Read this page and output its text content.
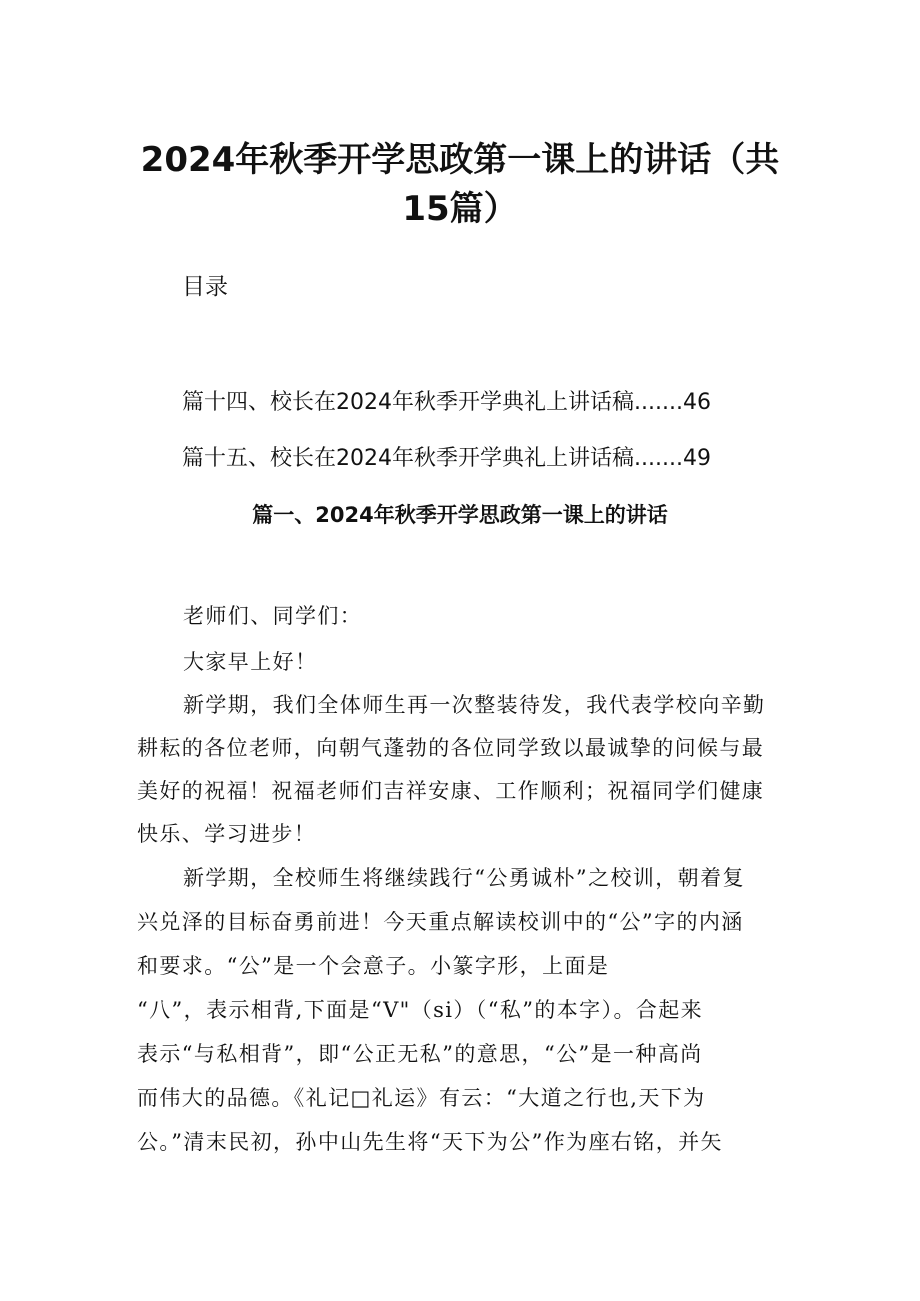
2024年秋季开学思政第一课上的讲话（共
15篇）
目录
篇十四、校长在2024年秋季开学典礼上讲话稿.......46
篇十五、校长在2024年秋季开学典礼上讲话稿.......49
篇一、2024年秋季开学思政第一课上的讲话
老师们、同学们：
大家早上好！
新学期，我们全体师生再一次整装待发，我代表学校向辛勤
耕耘的各位老师，向朝气蓬勃的各位同学致以最诚挚的问候与最
美好的祝福！祝福老师们吉祥安康、工作顺利；祝福同学们健康
快乐、学习进步！
新学期，全校师生将继续践行“公勇诚朴”之校训，朝着复
兴兑泽的目标奋勇前进！今天重点解读校训中的“公”字的内涵
和要求。“公”是一个会意子。小篆字形，上面是
“八”，表示相背,下面是“V"（si）（“私”的本字）。合起来
表示“与私相背”，即“公正无私”的意思，“公”是一种高尚
而伟大的品德。《礼记□礼运》有云：“大道之行也,天下为
公。”清末民初，孙中山先生将“天下为公”作为座右铭，并矢
